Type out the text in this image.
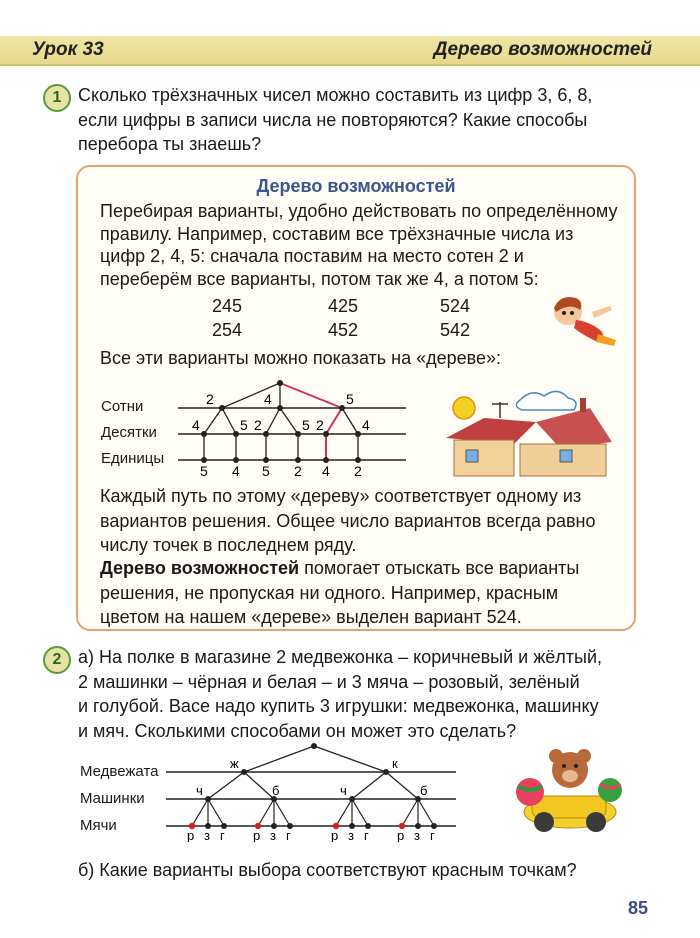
Урок 33	Дерево возможностей
1 Сколько трёхзначных чисел можно составить из цифр 3, 6, 8,

если цифры в записи числа не повторяются? Какие способы

перебора ты знаешь?

Дерево возможностей

Перебирая варианты, удобно действовать по определённому

правилу. Например, составим все трёхзначные числа из

цифр 2, 4, 5: сначала поставим на место сотен 2 и

переберём все варианты, потом так же 4, а потом 5:

245	425	524
254	452	542
Все эти варианты можно показать на «дереве»:
Сотни
Десятки
Единицы
2	4	5
4	5 2	5 2	4
5 4 5 2 4 2

Каждый путь по этому «дереву» соответствует одному из

вариантов решения. Общее число вариантов всегда равно

числу точек в последнем ряду.

Дерево возможностей помогает отыскать все варианты

решения, не пропуская ни одного. Например, красным

цветом на нашем «дереве» выделен вариант 524.

2 а) На полке в магазине 2 медвежонка – коричневый и жёлтый,

2 машинки – чёрная и белая – и 3 мяча – розовый, зелёный

и голубой. Васе надо купить 3 игрушки: медвежонка, машинку

и мяч. Сколькими способами он может это сделать?

Медвежата
Машинки
Мячи
ж	к
ч	б	ч	б
р з г р з г	р з г р з г
б) Какие варианты выбора соответствуют красным точкам?
85
